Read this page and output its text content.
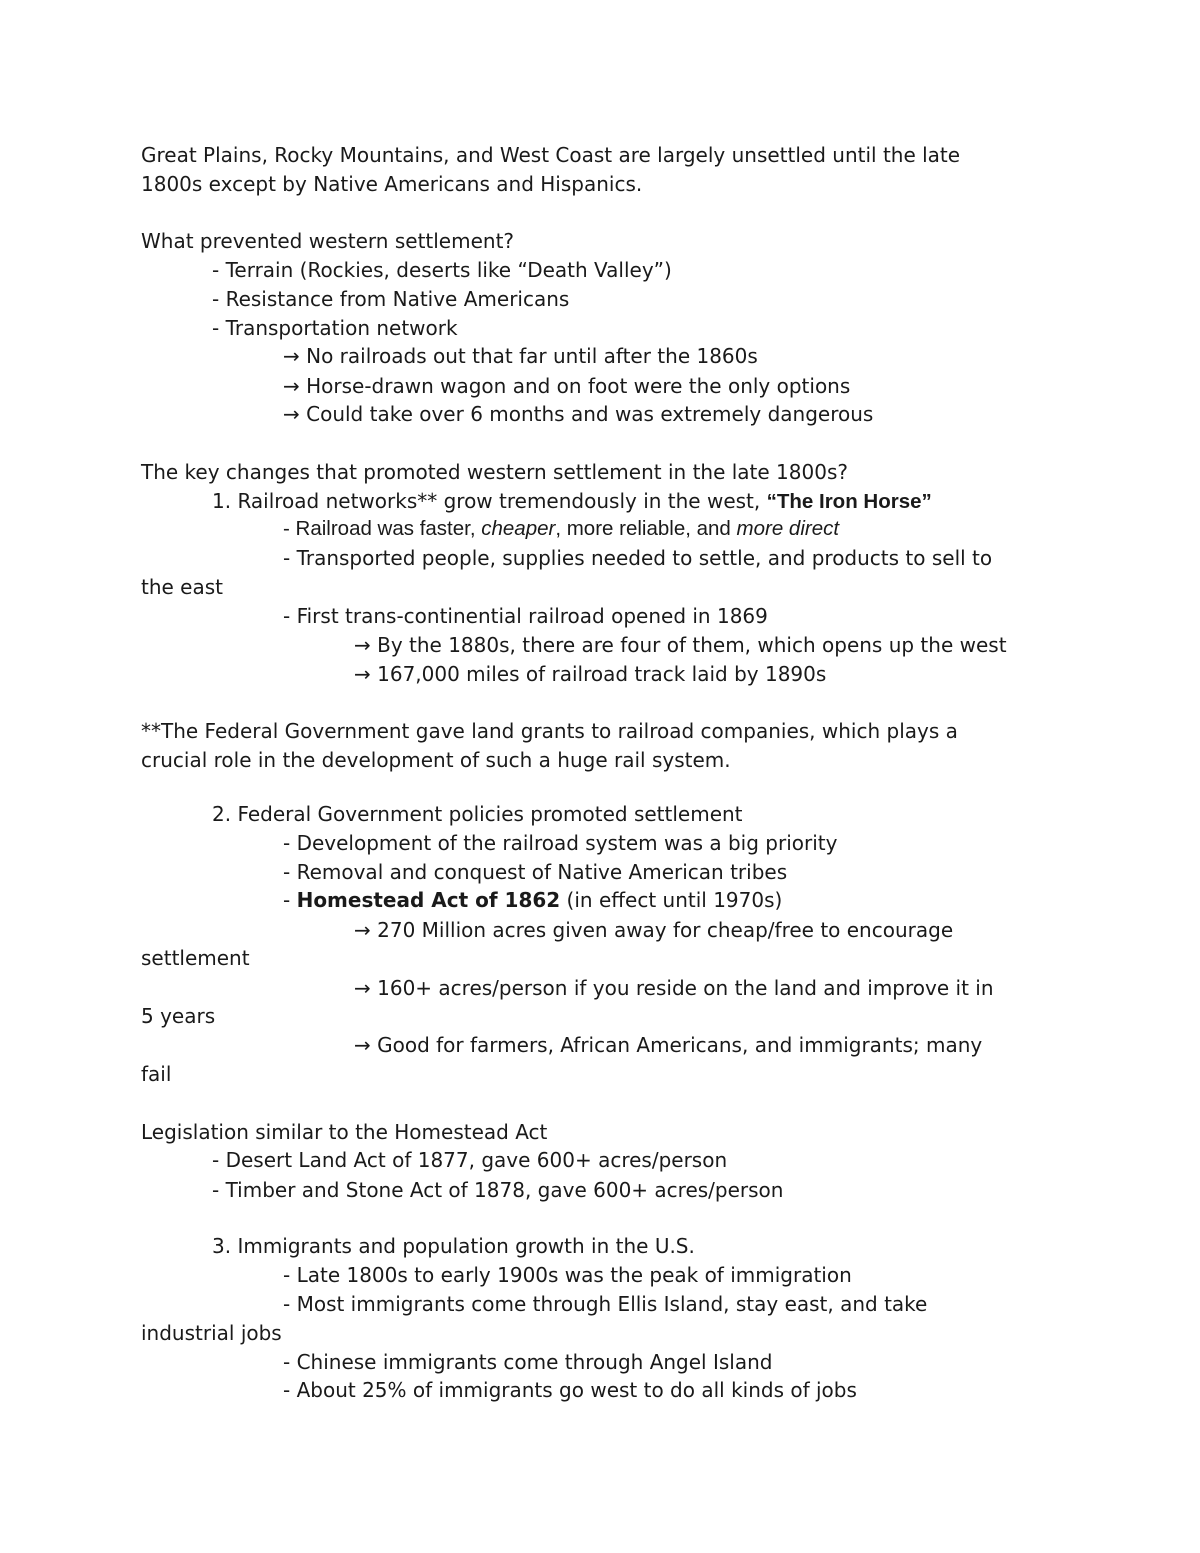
Great Plains, Rocky Mountains, and West Coast are largely unsettled until the late
1800s except by Native Americans and Hispanics.
What prevented western settlement?
- Terrain (Rockies, deserts like “Death Valley”)
- Resistance from Native Americans
- Transportation network
→ No railroads out that far until after the 1860s
→ Horse-drawn wagon and on foot were the only options
→ Could take over 6 months and was extremely dangerous
The key changes that promoted western settlement in the late 1800s?
1. Railroad networks** grow tremendously in the west, “The Iron Horse”
- Railroad was faster, cheaper, more reliable, and more direct
- Transported people, supplies needed to settle, and products to sell to
the east
- First trans-continential railroad opened in 1869
→ By the 1880s, there are four of them, which opens up the west
→ 167,000 miles of railroad track laid by 1890s
**The Federal Government gave land grants to railroad companies, which plays a
crucial role in the development of such a huge rail system.
2. Federal Government policies promoted settlement
- Development of the railroad system was a big priority
- Removal and conquest of Native American tribes
- Homestead Act of 1862 (in effect until 1970s)
→ 270 Million acres given away for cheap/free to encourage
settlement
→ 160+ acres/person if you reside on the land and improve it in
5 years
→ Good for farmers, African Americans, and immigrants; many
fail
Legislation similar to the Homestead Act
- Desert Land Act of 1877, gave 600+ acres/person
- Timber and Stone Act of 1878, gave 600+ acres/person
3. Immigrants and population growth in the U.S.
- Late 1800s to early 1900s was the peak of immigration
- Most immigrants come through Ellis Island, stay east, and take
industrial jobs
- Chinese immigrants come through Angel Island
- About 25% of immigrants go west to do all kinds of jobs
